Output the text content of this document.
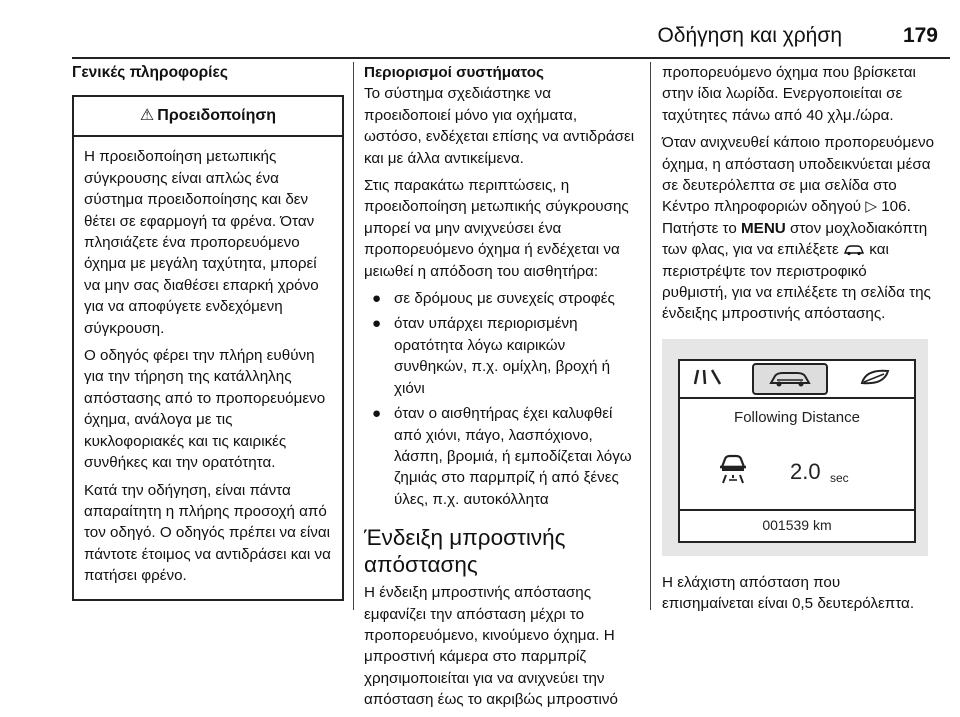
Οδήγηση και χρήση	179
Γενικές πληροφορίες
⚠ Προειδοποίηση

Η προειδοποίηση μετωπικής σύγκρουσης είναι απλώς ένα σύστημα προειδοποίησης και δεν θέτει σε εφαρμογή τα φρένα. Όταν πλησιάζετε ένα προπορευόμενο όχημα με μεγάλη ταχύτητα, μπορεί να μην σας διαθέσει επαρκή χρόνο για να αποφύγετε ενδεχόμενη σύγκρουση.

Ο οδηγός φέρει την πλήρη ευθύνη για την τήρηση της κατάλληλης απόστασης από το προπορευόμενο όχημα, ανάλογα με τις κυκλοφοριακές και τις καιρικές συνθήκες και την ορατότητα.

Κατά την οδήγηση, είναι πάντα απαραίτητη η πλήρης προσοχή από τον οδηγό. Ο οδηγός πρέπει να είναι πάντοτε έτοιμος να αντιδράσει και να πατήσει φρένο.

Περιορισμοί συστήματος

Το σύστημα σχεδιάστηκε να προειδοποιεί μόνο για οχήματα, ωστόσο, ενδέχεται επίσης να αντιδράσει και με άλλα αντικείμενα.

Στις παρακάτω περιπτώσεις, η προειδοποίηση μετωπικής σύγκρουσης μπορεί να μην ανιχνεύσει ένα προπορευόμενο όχημα ή ενδέχεται να μειωθεί η απόδοση του αισθητήρα:

● σε δρόμους με συνεχείς στροφές
● όταν υπάρχει περιορισμένη ορατότητα λόγω καιρικών συνθηκών, π.χ. ομίχλη, βροχή ή χιόνι
● όταν ο αισθητήρας έχει καλυφθεί από χιόνι, πάγο, λασπόχιονο, λάσπη, βρομιά, ή εμποδίζεται λόγω ζημιάς στο παρμπρίζ ή από ξένες ύλες, π.χ. αυτοκόλλητα
Ένδειξη μπροστινής απόστασης

Η ένδειξη μπροστινής απόστασης εμφανίζει την απόσταση μέχρι το προπορευόμενο, κινούμενο όχημα. Η μπροστινή κάμερα στο παρμπρίζ χρησιμοποιείται για να ανιχνεύει την απόσταση έως το ακριβώς μπροστινό

προπορευόμενο όχημα που βρίσκεται στην ίδια λωρίδα. Ενεργοποιείται σε ταχύτητες πάνω από 40 χλμ./ώρα.

Όταν ανιχνευθεί κάποιο προπορευόμενο όχημα, η απόσταση υποδεικνύεται μέσα σε δευτερόλεπτα σε μια σελίδα στο Κέντρο πληροφοριών οδηγού ▷ 106. Πατήστε το MENU στον μοχλοδιακόπτη των φλας, για να επιλέξετε και περιστρέψτε τον περιστροφικό ρυθμιστή, για να επιλέξετε τη σελίδα της ένδειξης μπροστινής απόστασης.

Following Distance
2.0 sec
001539 km

Η ελάχιστη απόσταση που επισημαίνεται είναι 0,5 δευτερόλεπτα.
